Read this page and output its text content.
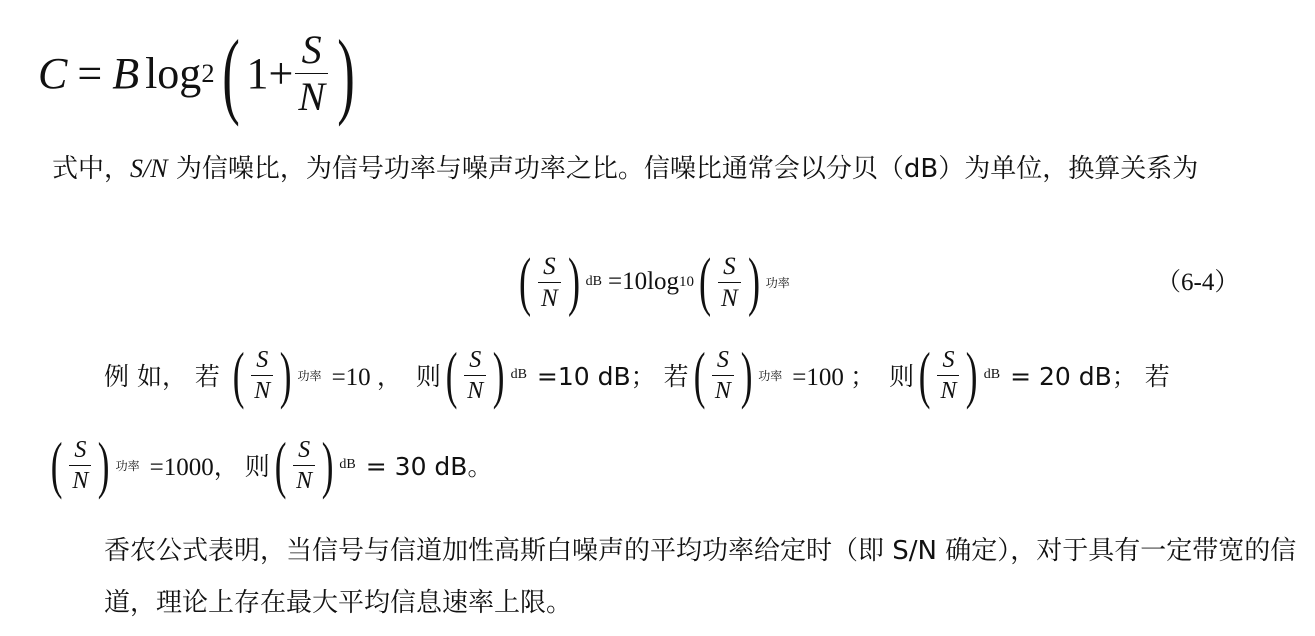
C = B log 2 ( $1+ \frac{S}{N}$ )
式中，S/N 为信噪比，为信号功率与噪声功率之比。信噪比通常会以分贝（dB）为单位，换算关系为
( $\frac{S}{N}$ ) dB =10log 10 ( $\frac{S}{N}$ ) 功率	（6-4）
例 如， 若 ( $\frac{S}{N}$ ) 功率 =10 ， 则 ( $\frac{S}{N}$ ) dB =10 dB； 若 ( $\frac{S}{N}$ ) 功率 =100 ； 则 ( $\frac{S}{N}$ ) dB = 20 dB； 若
( $\frac{S}{N}$ ) 功率 =1000， 则 ( $\frac{S}{N}$ ) dB = 30 dB。
香农公式表明，当信号与信道加性高斯白噪声的平均功率给定时（即 S/N 确定），对于具有一定带宽的信道，理论上存在最大平均信息速率上限。
